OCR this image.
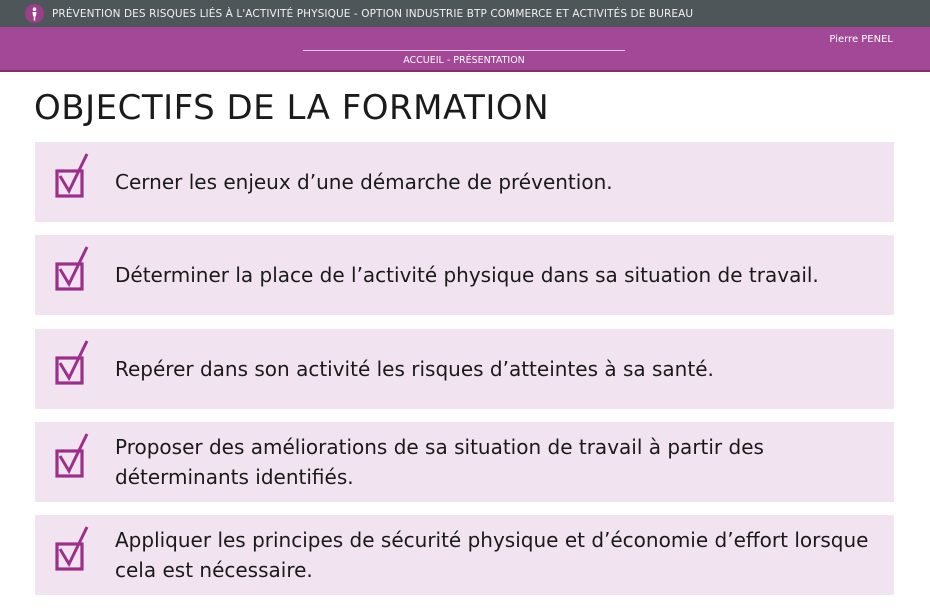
PRÉVENTION DES RISQUES LIÉS À L'ACTIVITÉ PHYSIQUE - OPTION INDUSTRIE BTP COMMERCE ET ACTIVITÉS DE BUREAU
Pierre PENEL
ACCUEIL - PRÉSENTATION
OBJECTIFS DE LA FORMATION
Cerner les enjeux d’une démarche de prévention.
Déterminer la place de l’activité physique dans sa situation de travail.
Repérer dans son activité les risques d’atteintes à sa santé.
Proposer des améliorations de sa situation de travail à partir des déterminants identifiés.
Appliquer les principes de sécurité physique et d’économie d’effort lorsque cela est nécessaire.
